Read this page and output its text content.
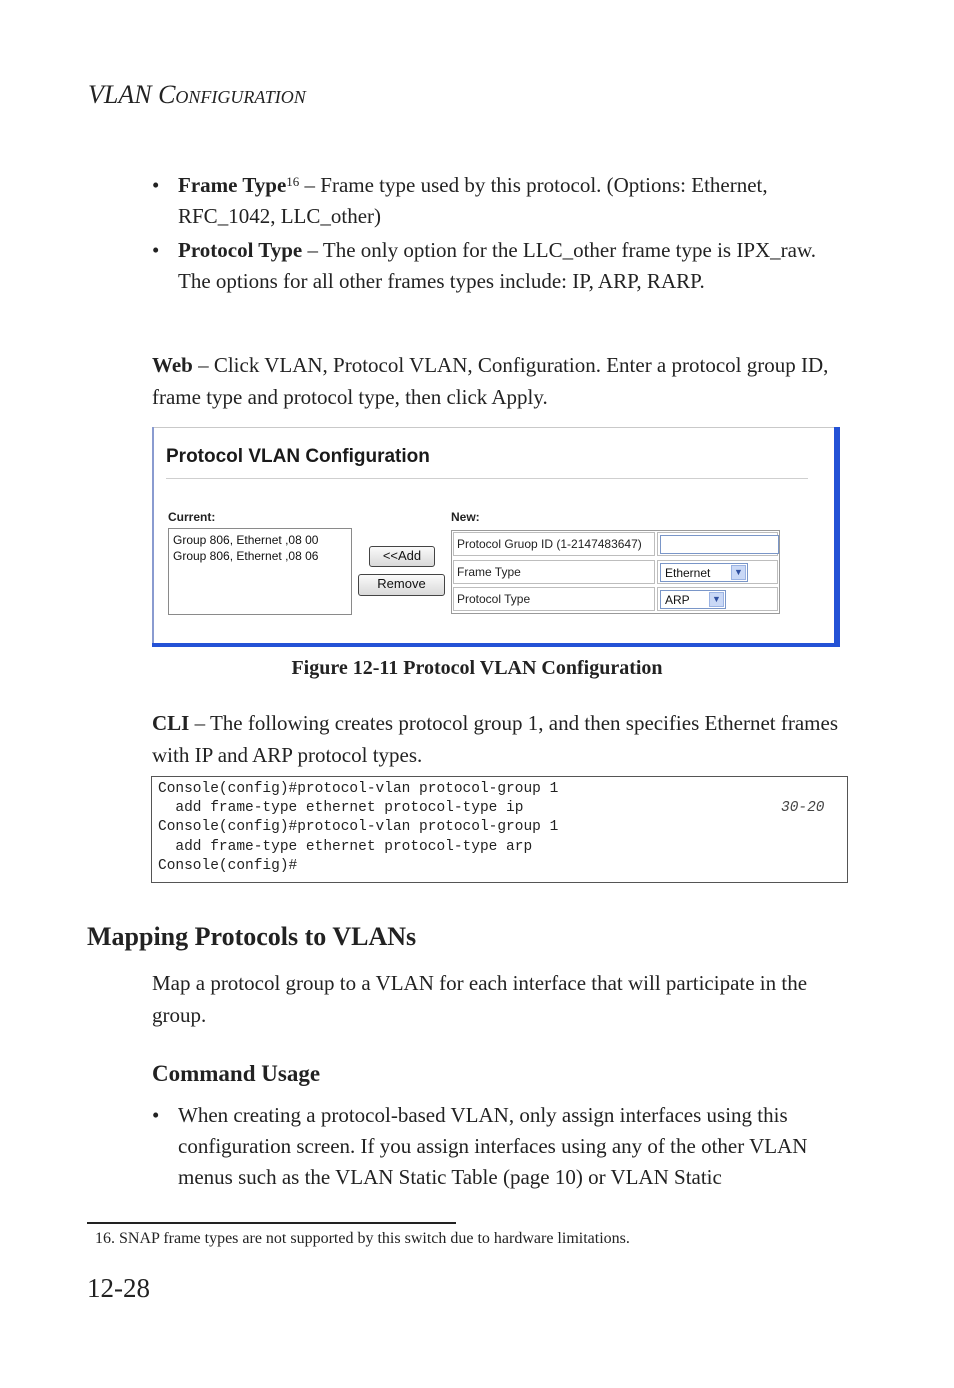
VLAN CONFIGURATION
• Frame Type$^{16}$ – Frame type used by this protocol. (Options: Ethernet, RFC_1042, LLC_other)
• Protocol Type – The only option for the LLC_other frame type is IPX_raw. The options for all other frames types include: IP, ARP, RARP.
Web – Click VLAN, Protocol VLAN, Configuration. Enter a protocol group ID, frame type and protocol type, then click Apply.
Protocol VLAN Configuration
Current:
Group 806, Ethernet ,08 00
Group 806, Ethernet ,08 06	<<Add
Remove
New:
Protocol Gruop ID (1-2147483647)
Frame Type	Ethernet	▼
Protocol Type	ARP	▼
Figure 12-11 Protocol VLAN Configuration
CLI – The following creates protocol group 1, and then specifies Ethernet frames with IP and ARP protocol types.
Console(config)#protocol-vlan protocol-group 1
add frame-type ethernet protocol-type ip	30-20
Console(config)#protocol-vlan protocol-group 1
add frame-type ethernet protocol-type arp
Console(config)#
Mapping Protocols to VLANs
Map a protocol group to a VLAN for each interface that will participate in the group.
Command Usage
• When creating a protocol-based VLAN, only assign interfaces using this configuration screen. If you assign interfaces using any of the other VLAN menus such as the VLAN Static Table (page 10) or VLAN Static
16. SNAP frame types are not supported by this switch due to hardware limitations.
12-28
